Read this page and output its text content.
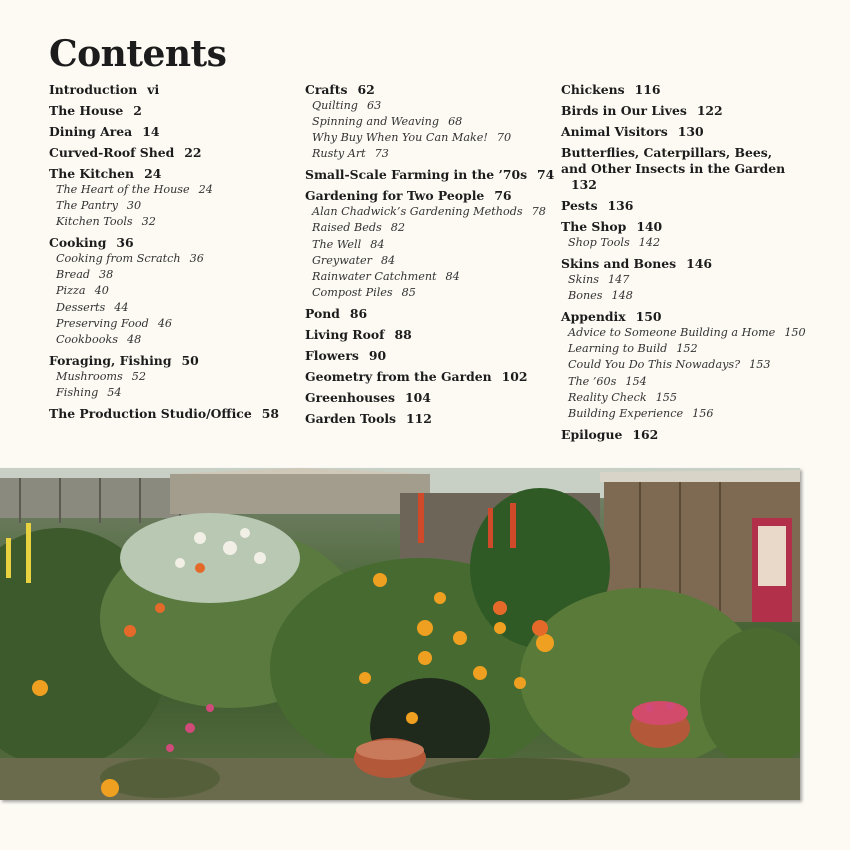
Contents
Introduction vi
The House 2
Dining Area 14
Curved-Roof Shed 22
The Kitchen 24
The Heart of the House 24
The Pantry 30
Kitchen Tools 32
Cooking 36
Cooking from Scratch 36
Bread 38
Pizza 40
Desserts 44
Preserving Food 46
Cookbooks 48
Foraging, Fishing 50
Mushrooms 52
Fishing 54
The Production Studio/Office 58
Crafts 62
Quilting 63
Spinning and Weaving 68
Why Buy When You Can Make! 70
Rusty Art 73
Small-Scale Farming in the ’70s 74
Gardening for Two People 76
Alan Chadwick’s Gardening Methods 78
Raised Beds 82
The Well 84
Greywater 84
Rainwater Catchment 84
Compost Piles 85
Pond 86
Living Roof 88
Flowers 90
Geometry from the Garden 102
Greenhouses 104
Garden Tools 112
Chickens 116
Birds in Our Lives 122
Animal Visitors 130
Butterflies, Caterpillars, Bees,
and Other Insects in the Garden
132
Pests 136
The Shop 140
Shop Tools 142
Skins and Bones 146
Skins 147
Bones 148
Appendix 150
Advice to Someone Building a Home 150
Learning to Build 152
Could You Do This Nowadays? 153
The ’60s 154
Reality Check 155
Building Experience 156
Epilogue 162
